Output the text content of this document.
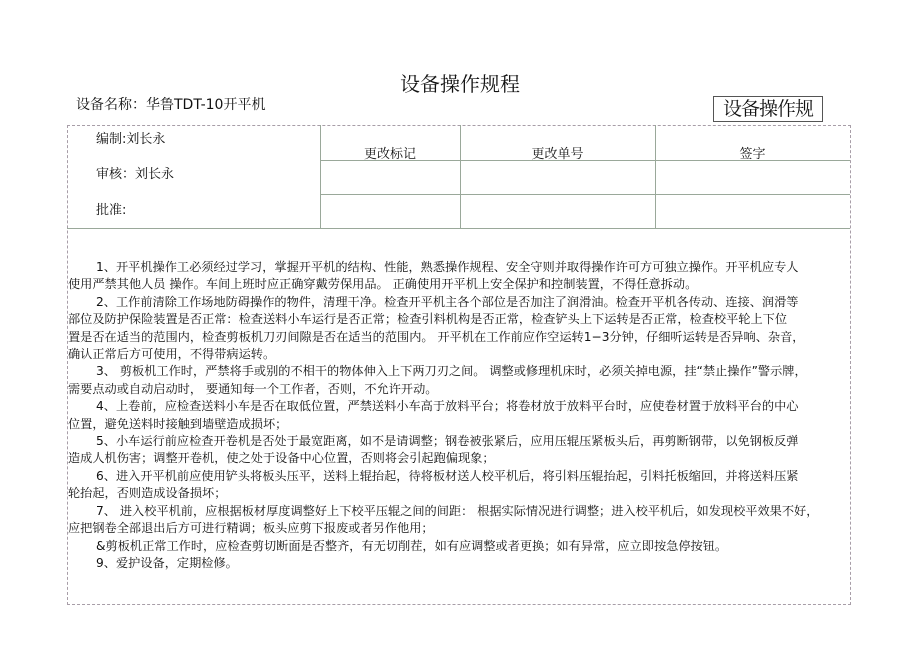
设备操作规程
设备名称：华鲁TDT-10开平机	设备操作规
编制:刘长永
审核：刘长永
批准:
更改标记	更改单号	签字
1、开平机操作工必须经过学习，掌握开平机的结构、性能，熟悉操作规程、安全守则并取得操作许可方可独立操作。开平机应专人
使用严禁其他人员 操作。车间上班时应正确穿戴劳保用品。 正确使用开平机上安全保护和控制装置，不得任意拆动。
2、工作前清除工作场地防碍操作的物件，清理干净。检查开平机主各个部位是否加注了润滑油。检查开平机各传动、连接、润滑等
部位及防护保险装置是否正常：检查送料小车运行是否正常；检查引料机构是否正常，检查铲头上下运转是否正常，检查校平轮上下位
置是否在适当的范围内，检查剪板机刀刃间隙是否在适当的范围内。 开平机在工作前应作空运转1−3分钟，仔细听运转是否异响、杂音，
确认正常后方可使用，不得带病运转。
3、 剪板机工作时，严禁将手或别的不相干的物体伸入上下两刀刃之间。 调整或修理机床时，必须关掉电源，挂“禁止操作”警示牌，
需要点动或自动启动时， 要通知每一个工作者，否则，不允许开动。
4、上卷前，应检查送料小车是否在取低位置，严禁送料小车高于放料平台；将卷材放于放料平台时，应使卷材置于放料平台的中心
位置，避免送料时接触到墙壁造成损坏；
5、小车运行前应检查开卷机是否处于最宽距离，如不是请调整；钢卷被张紧后，应用压辊压紧板头后，再剪断钢带，以免钢板反弹
造成人机伤害；调整开卷机，使之处于设备中心位置，否则将会引起跑偏现象；
6、进入开平机前应使用铲头将板头压平，送料上辊抬起，待将板材送人校平机后，将引料压辊抬起，引料托板缩回，并将送料压紧
轮抬起，否则造成设备损坏；
7、 进入校平机前，应根据板材厚度调整好上下校平压辊之间的间距： 根据实际情况进行调整；进入校平机后，如发现校平效果不好，
应把钢卷全部退出后方可进行精调；板头应剪下报废或者另作他用；
&剪板机正常工作时，应检查剪切断面是否整齐，有无切削茬，如有应调整或者更换；如有异常，应立即按急停按钮。
9、爱护设备，定期检修。
